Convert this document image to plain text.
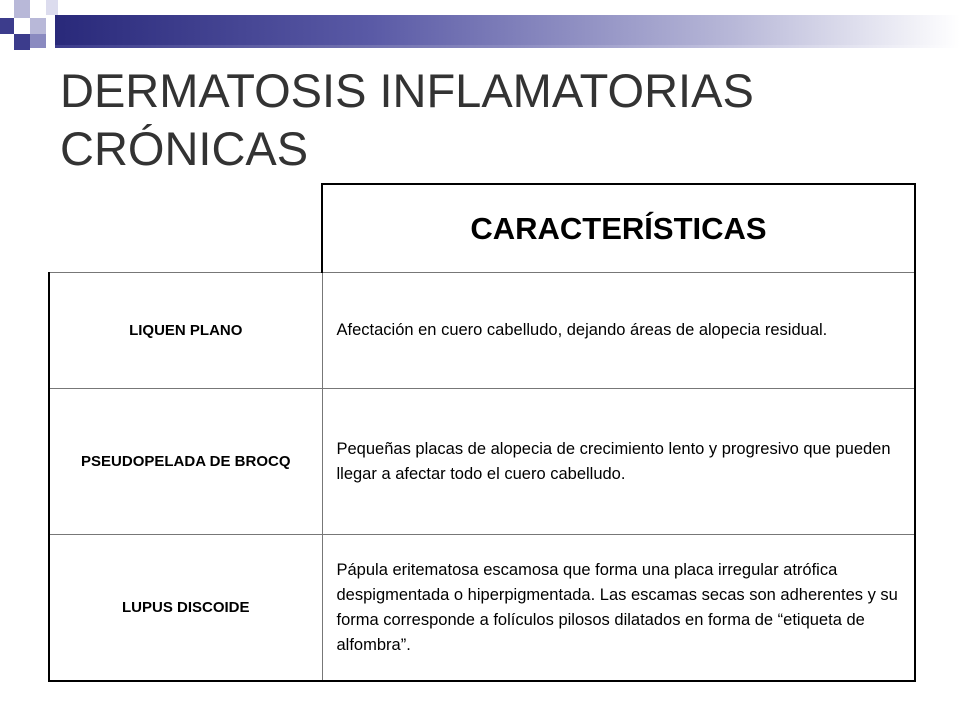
DERMATOSIS INFLAMATORIAS
CRÓNICAS
	CARACTERÍSTICAS
LIQUEN PLANO	Afectación en cuero cabelludo, dejando áreas de alopecia residual.
PSEUDOPELADA DE BROCQ	Pequeñas placas de alopecia de crecimiento lento y progresivo que pueden llegar a afectar todo el cuero cabelludo.
LUPUS DISCOIDE	Pápula eritematosa escamosa que forma una placa irregular atrófica despigmentada o hiperpigmentada. Las escamas secas son adherentes y su forma corresponde a folículos pilosos dilatados en forma de “etiqueta de alfombra”.
